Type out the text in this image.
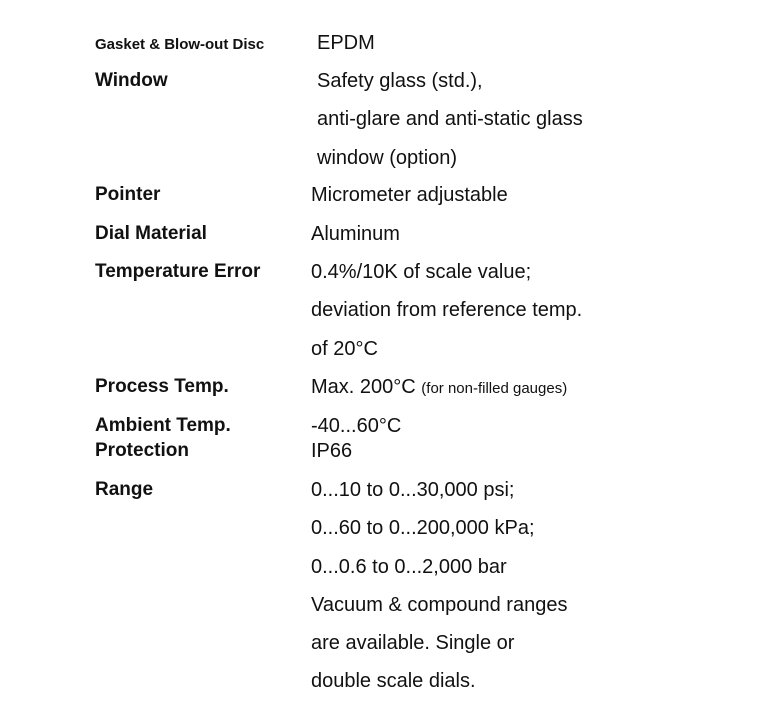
Gasket & Blow-out Disc	EPDM
Window	Safety glass (std.),
anti-glare and anti-static glass
window (option)
Pointer	Micrometer adjustable
Dial Material	Aluminum
Temperature Error	0.4%/10K of scale value;
deviation from reference temp.
of 20°C
Process Temp.	Max. 200°C (for non-filled gauges)
Ambient Temp.	-40...60°C
Protection	IP66
Range	0...10 to 0...30,000 psi;
0...60 to 0...200,000 kPa;
0...0.6 to 0...2,000 bar
Vacuum & compound ranges
are available. Single or
double scale dials.
